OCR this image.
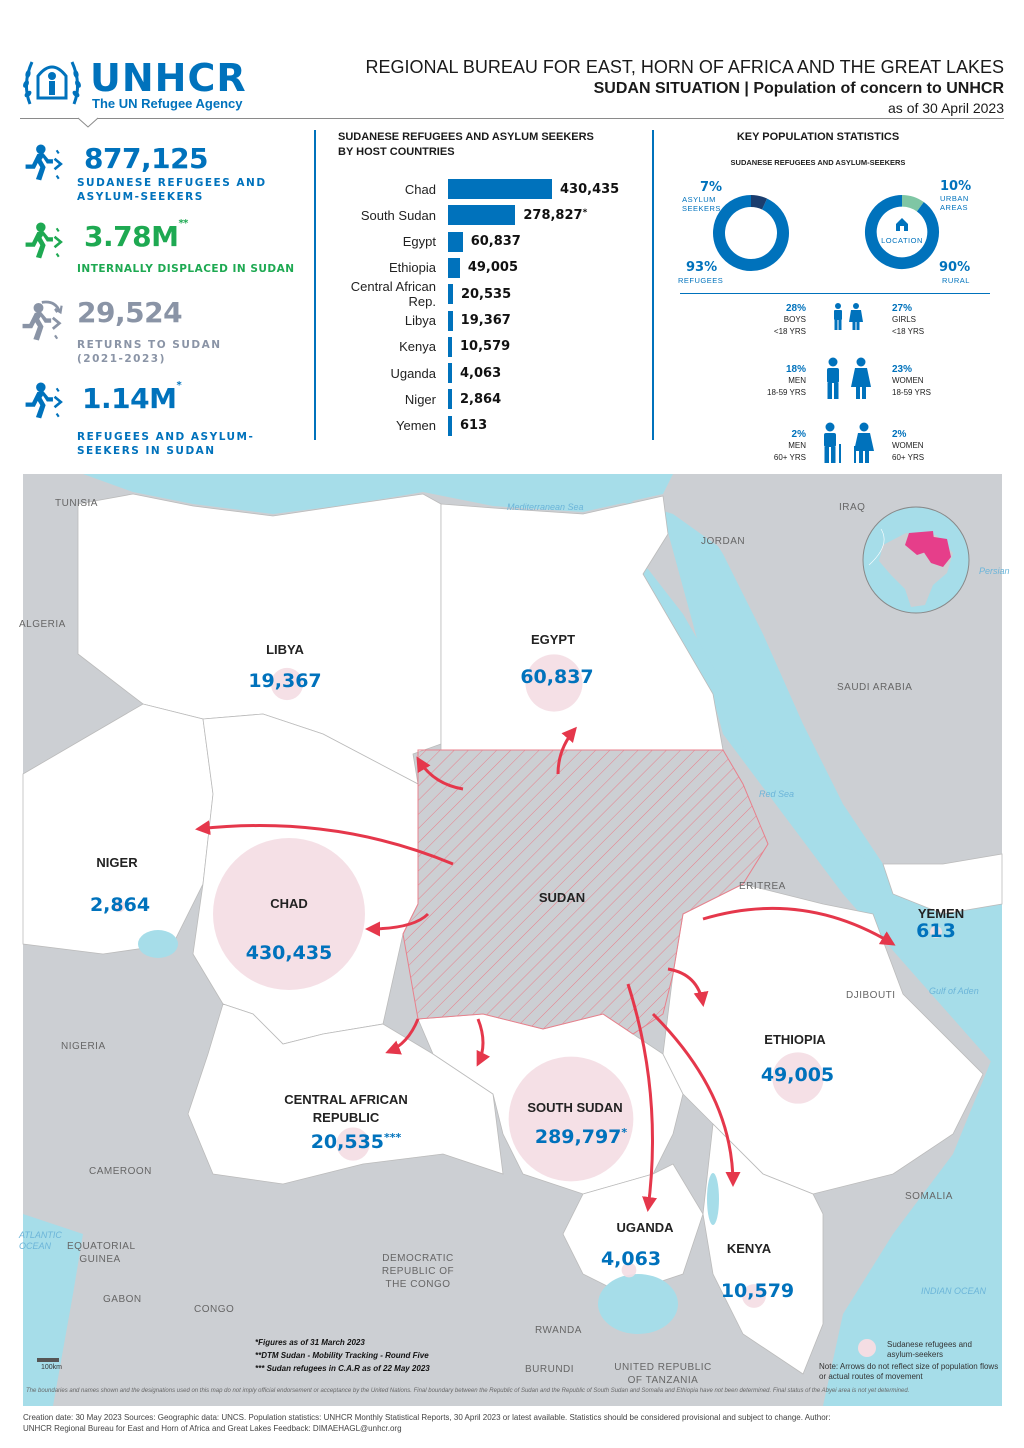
UNHCR
The UN Refugee Agency
REGIONAL BUREAU FOR EAST, HORN OF AFRICA AND THE GREAT LAKES
SUDAN SITUATION | Population of concern to UNHCR
as of 30 April 2023
877,125
SUDANESE REFUGEES AND ASYLUM-SEEKERS
3.78M**
INTERNALLY DISPLACED IN SUDAN
29,524
RETURNS TO SUDAN (2021-2023)
1.14M*
REFUGEES AND ASYLUM-SEEKERS IN SUDAN
SUDANESE REFUGEES AND ASYLUM SEEKERS BY HOST COUNTRIES
Chad	430,435
South Sudan	278,827*
Egypt	60,837
Ethiopia	49,005
Central African Rep.	20,535
Libya	19,367
Kenya	10,579
Uganda	4,063
Niger	2,864
Yemen	613
KEY POPULATION STATISTICS
SUDANESE REFUGEES AND ASYLUM-SEEKERS
7%
ASYLUM SEEKERS
93%
REFUGEES
LOCATION
10%
URBAN AREAS
90%
RURAL
28%
BOYS
<18 YRS
27%
GIRLS
<18 YRS
18%
MEN
18-59 YRS
23%
WOMEN
18-59 YRS
2%
MEN
60+ YRS
2%
WOMEN
60+ YRS
LIBYA
19,367
EGYPT
60,837
NIGER
2,864	CHAD
430,435
SUDAN
YEMEN
613
ETHIOPIA
49,005
CENTRAL AFRICAN REPUBLIC
20,535***
SOUTH SUDAN
289,797*
UGANDA
4,063	KENYA
10,579
TUNISIA
ALGERIA
JORDAN
IRAQ
SAUDI ARABIA
ERITREA
DJIBOUTI
SOMALIA
NIGERIA
CAMEROON
EQUATORIAL GUINEA
GABON
CONGO
DEMOCRATIC REPUBLIC OF THE CONGO
RWANDA
BURUNDI	UNITED REPUBLIC OF TANZANIA
Mediterranean Sea
Red Sea
Gulf of Aden
INDIAN OCEAN
ATLANTIC OCEAN
Persian
*Figures as of 31 March 2023
**DTM Sudan - Mobility Tracking - Round Five
*** Sudan refugees in C.A.R as of 22 May 2023
100km
Sudanese refugees and asylum-seekers
Note: Arrows do not reflect size of population flows or actual routes of movement
The boundaries and names shown and the designations used on this map do not imply official endorsement or acceptance by the United Nations. Final boundary between the Republic of Sudan and the Republic of South Sudan and Somalia and Ethiopia have not been determined. Final status of the Abyei area is not yet determined.
Creation date: 30 May 2023 Sources: Geographic data: UNCS. Population statistics: UNHCR Monthly Statistical Reports, 30 April 2023 or latest available. Statistics should be considered provisional and subject to change. Author:
UNHCR Regional Bureau for East and Horn of Africa and Great Lakes Feedback: DIMAEHAGL@unhcr.org
